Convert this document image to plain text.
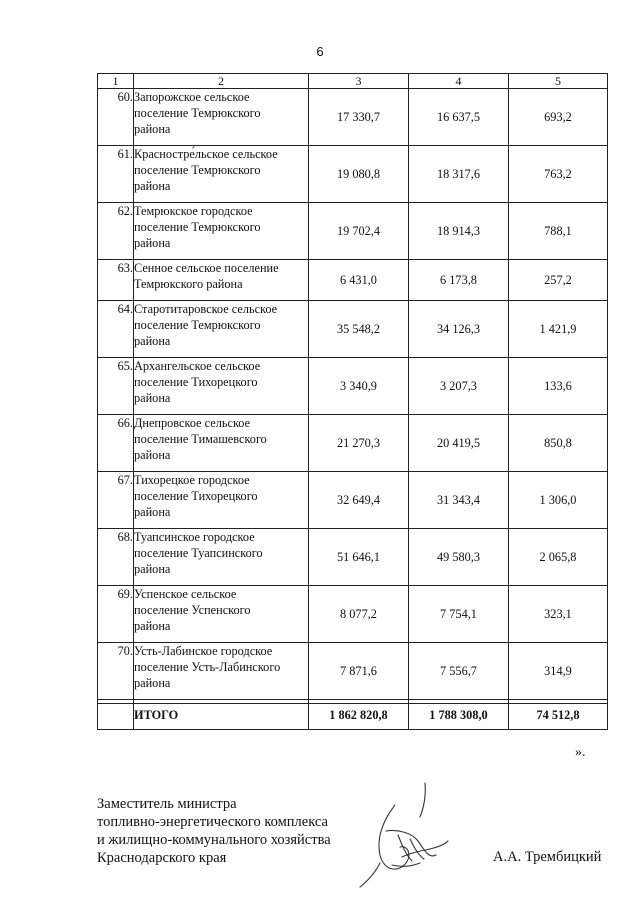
6
1	2	3	4	5
60.	Запорожское сельское
поселение Темрюкского
района	17 330,7	16 637,5	693,2
61.	Красностре́льское сельское
поселение Темрюкского
района	19 080,8	18 317,6	763,2
62.	Темрюкское городское
поселение Темрюкского
района	19 702,4	18 914,3	788,1
63.	Сенное сельское поселение
Темрюкского района	6 431,0	6 173,8	257,2
64.	Старотитаровское сельское
поселение Темрюкского
района	35 548,2	34 126,3	1 421,9
65.	Архангельское сельское
поселение Тихорецкого
района	3 340,9	3 207,3	133,6
66.	Днепровское сельское
поселение Тимашевского
района	21 270,3	20 419,5	850,8
67.	Тихорецкое городское
поселение Тихорецкого
района	32 649,4	31 343,4	1 306,0
68.	Туапсинское городское
поселение Туапсинского
района	51 646,1	49 580,3	2 065,8
69.	Успенское сельское
поселение Успенского
района	8 077,2	7 754,1	323,1
70.	Усть-Лабинское городское
поселение Усть-Лабинского
района	7 871,6	7 556,7	314,9

	ИТОГО	1 862 820,8	1 788 308,0	74 512,8
».
Заместитель министра
топливно-энергетического комплекса
и жилищно-коммунального хозяйства
Краснодарского края	А.А. Трембицкий
